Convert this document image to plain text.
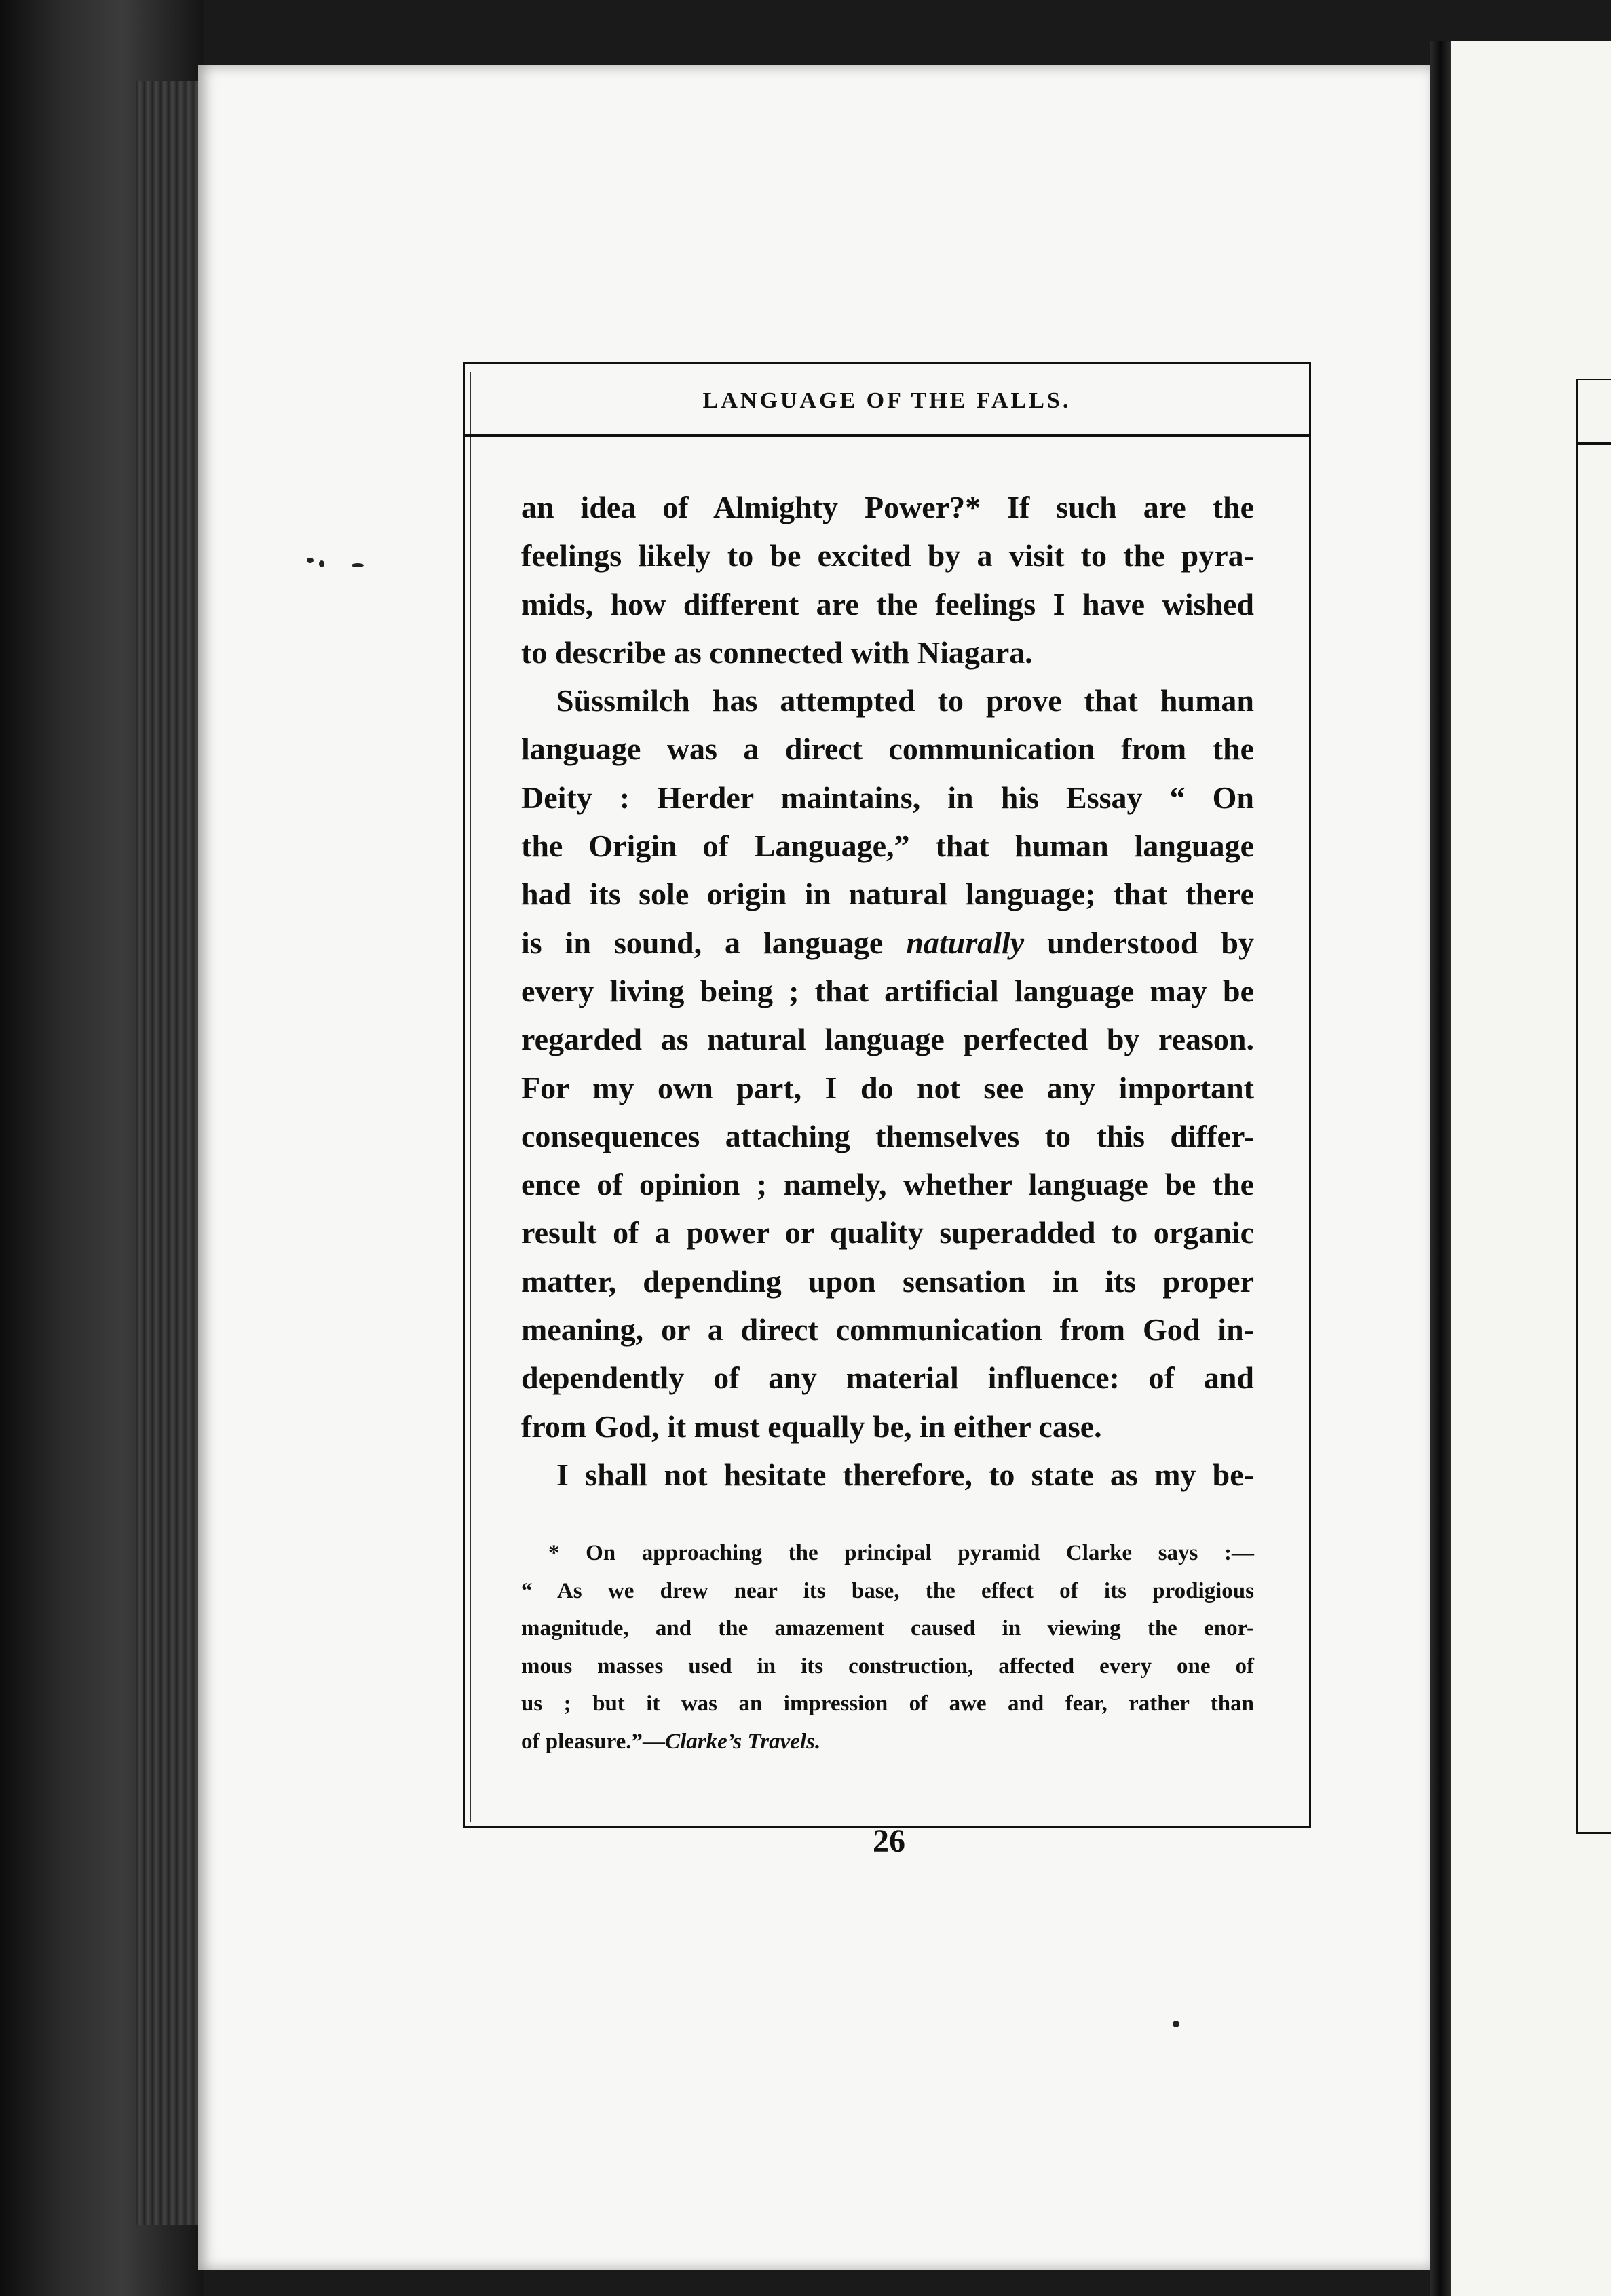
LANGUAGE OF THE FALLS.
an idea of Almighty Power?* If such are the
feelings likely to be excited by a visit to the pyra-
mids, how different are the feelings I have wished
to describe as connected with Niagara.
Süssmilch has attempted to prove that human
language was a direct communication from the
Deity : Herder maintains, in his Essay “ On
the Origin of Language,” that human language
had its sole origin in natural language; that there
is in sound, a language naturally understood by
every living being ; that artificial language may be
regarded as natural language perfected by reason.
For my own part, I do not see any important
consequences attaching themselves to this differ-
ence of opinion ; namely, whether language be the
result of a power or quality superadded to organic
matter, depending upon sensation in its proper
meaning, or a direct communication from God in-
dependently of any material influence: of and
from God, it must equally be, in either case.
I shall not hesitate therefore, to state as my be-
* On approaching the principal pyramid Clarke says :—
“ As we drew near its base, the effect of its prodigious
magnitude, and the amazement caused in viewing the enor-
mous masses used in its construction, affected every one of
us ; but it was an impression of awe and fear, rather than
of pleasure.”—Clarke’s Travels.
26
